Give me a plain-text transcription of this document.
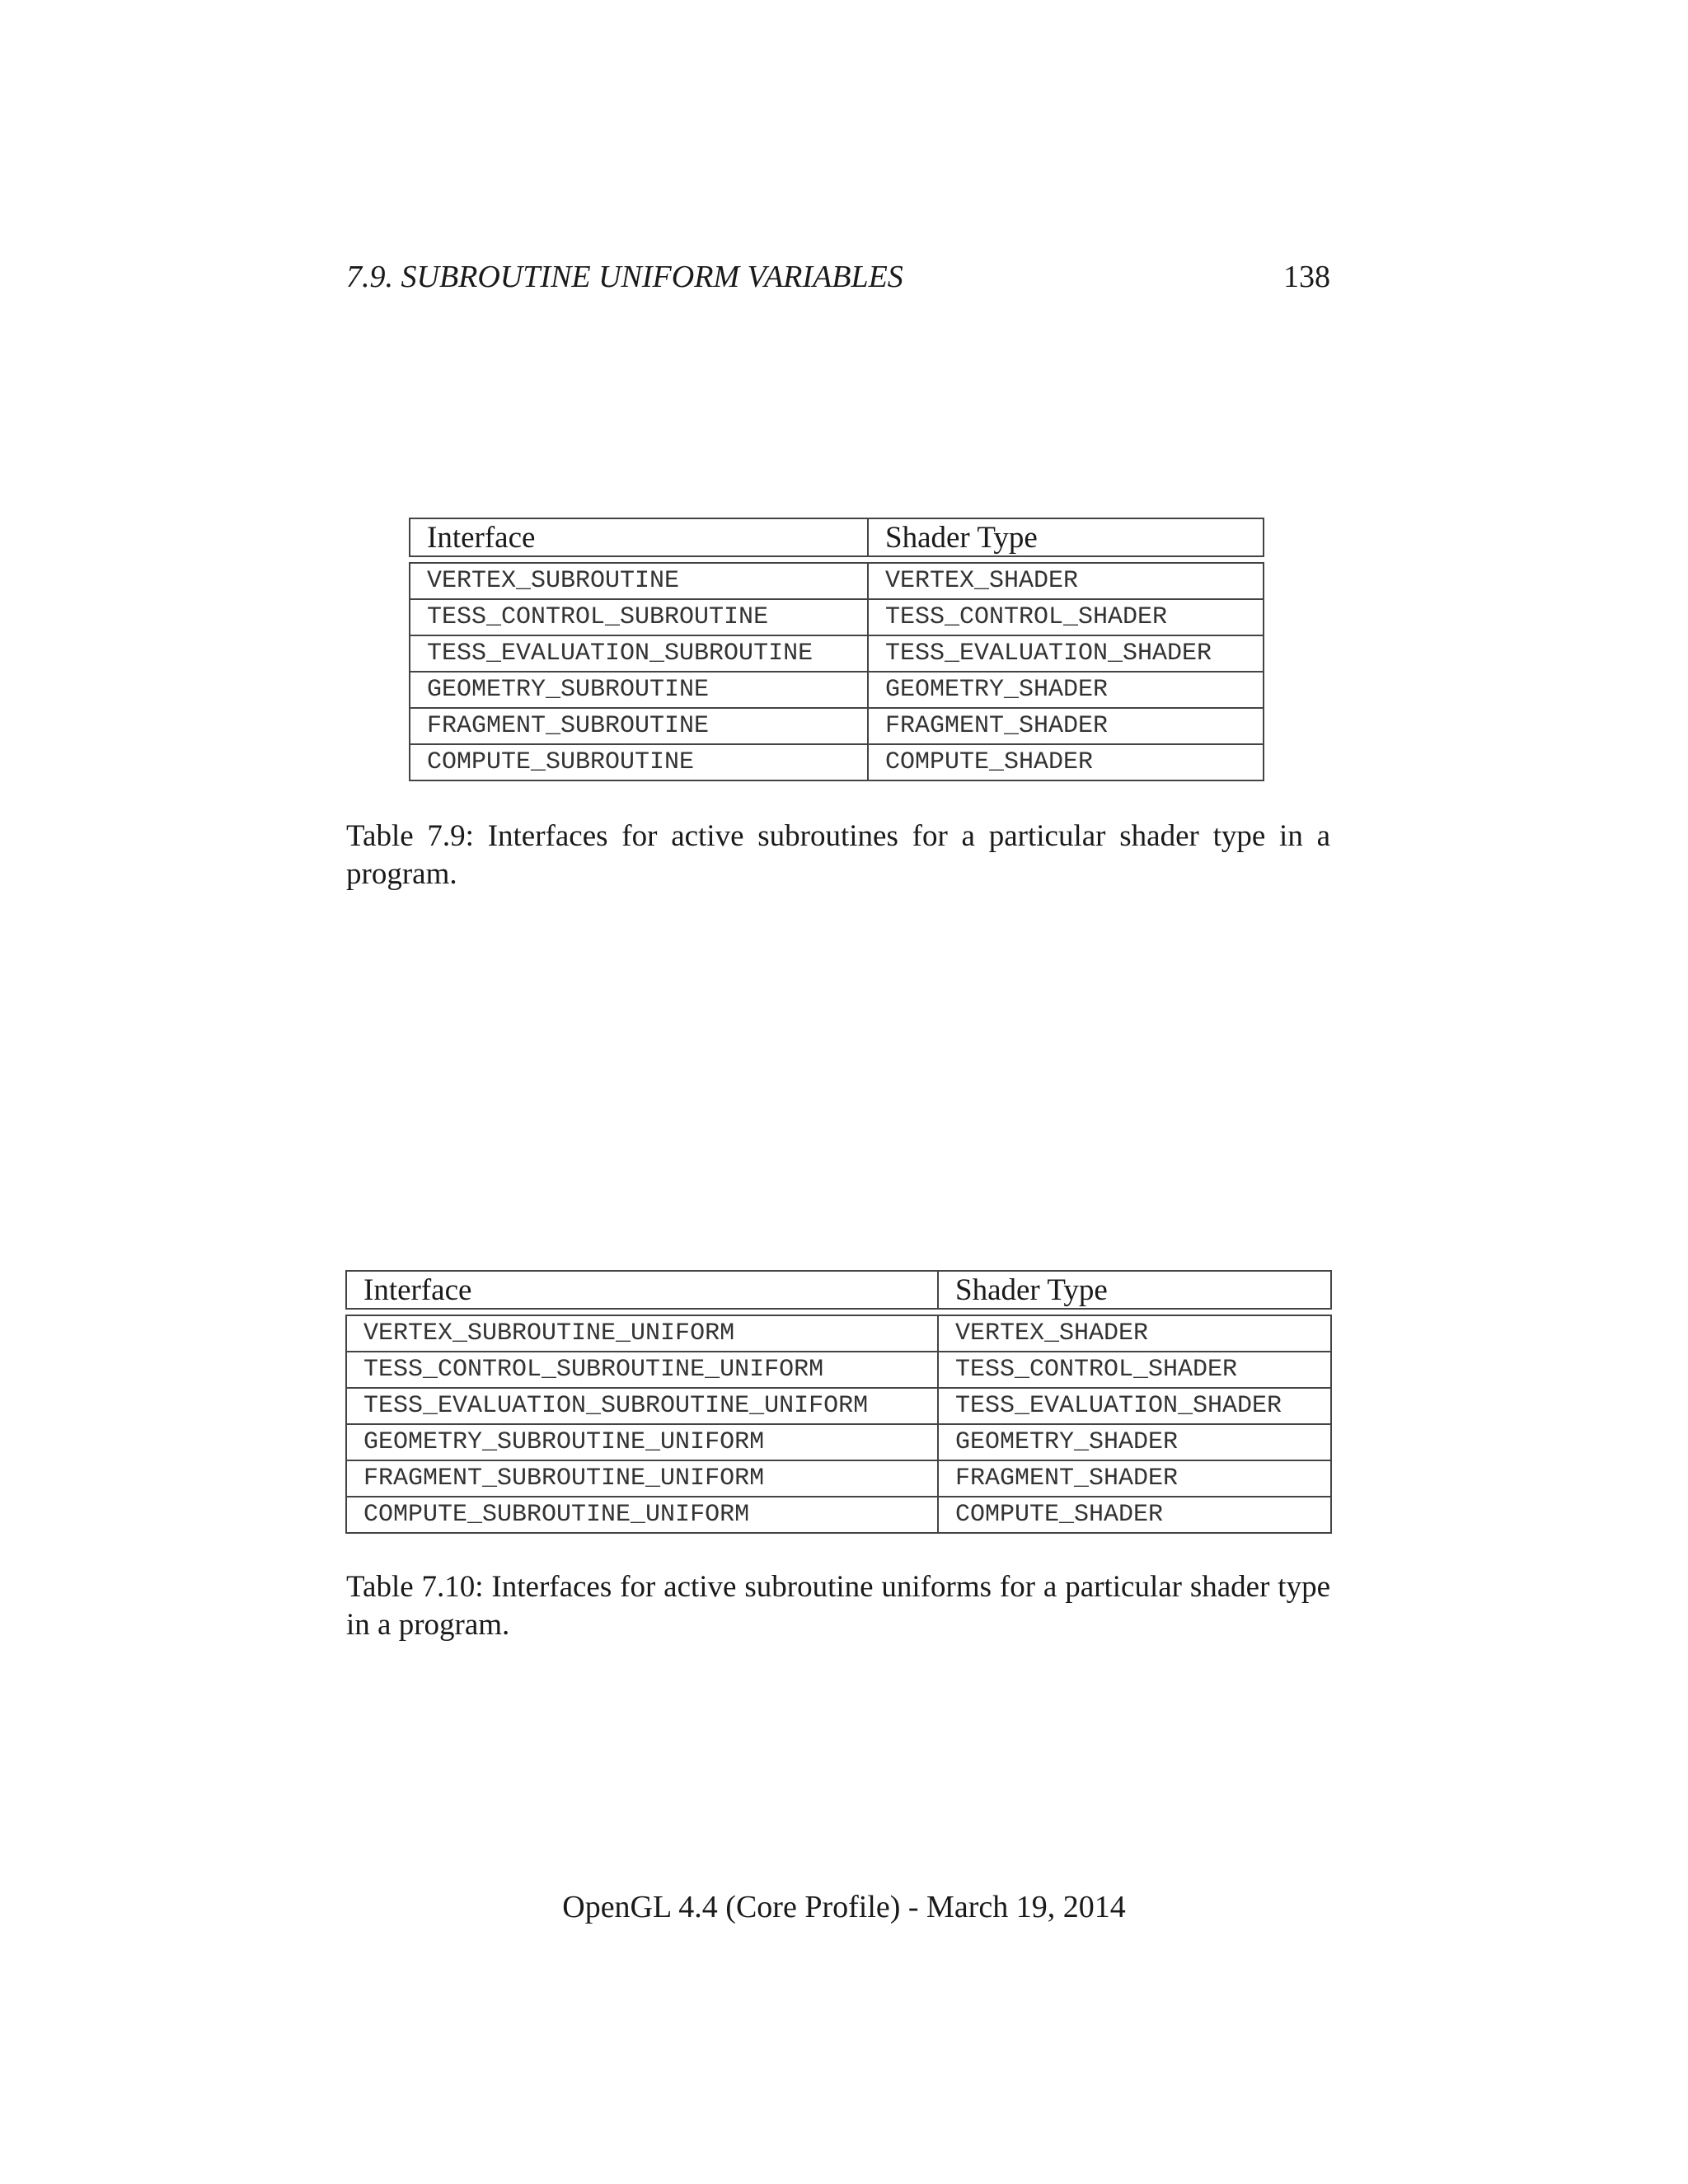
7.9. SUBROUTINE UNIFORM VARIABLES	138
Interface	Shader Type

VERTEX_SUBROUTINE	VERTEX_SHADER
TESS_CONTROL_SUBROUTINE	TESS_CONTROL_SHADER
TESS_EVALUATION_SUBROUTINE	TESS_EVALUATION_SHADER
GEOMETRY_SUBROUTINE	GEOMETRY_SHADER
FRAGMENT_SUBROUTINE	FRAGMENT_SHADER
COMPUTE_SUBROUTINE	COMPUTE_SHADER
Table 7.9: Interfaces for active subroutines for a particular shader type in a program.
Interface	Shader Type

VERTEX_SUBROUTINE_UNIFORM	VERTEX_SHADER
TESS_CONTROL_SUBROUTINE_UNIFORM	TESS_CONTROL_SHADER
TESS_EVALUATION_SUBROUTINE_UNIFORM	TESS_EVALUATION_SHADER
GEOMETRY_SUBROUTINE_UNIFORM	GEOMETRY_SHADER
FRAGMENT_SUBROUTINE_UNIFORM	FRAGMENT_SHADER
COMPUTE_SUBROUTINE_UNIFORM	COMPUTE_SHADER
Table 7.10: Interfaces for active subroutine uniforms for a particular shader type in a program.
OpenGL 4.4 (Core Profile) - March 19, 2014
